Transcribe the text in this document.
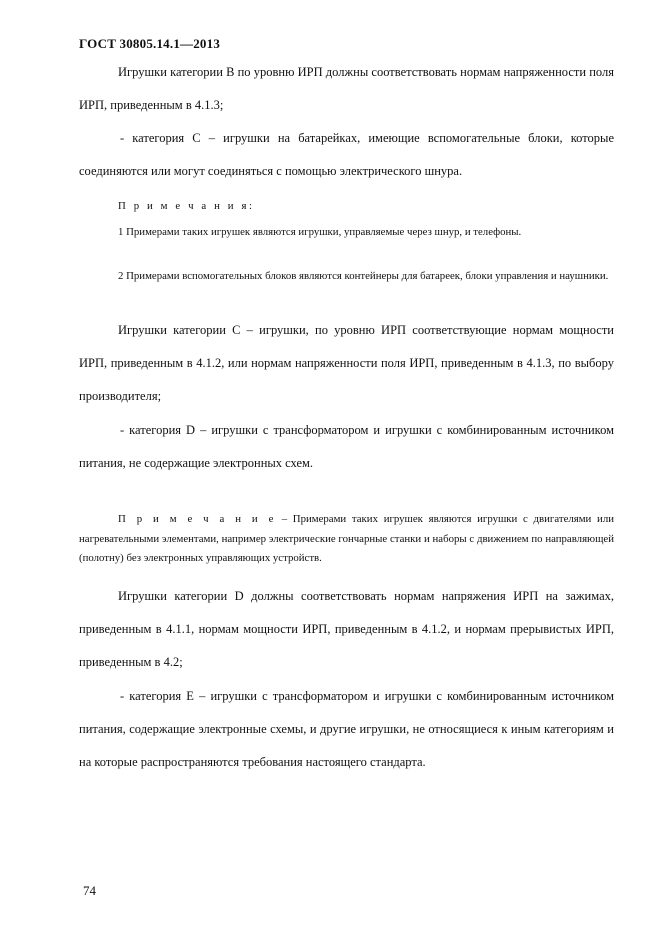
ГОСТ 30805.14.1—2013

Игрушки категории B по уровню ИРП должны соответствовать нормам напряженности поля ИРП, приведенным в 4.1.3;

- категория C – игрушки на батарейках, имеющие вспомогательные блоки, которые соединяются или могут соединяться с помощью электрического шнура.

П р и м е ч а н и я:

1 Примерами таких игрушек являются игрушки, управляемые через шнур, и телефоны.

2 Примерами вспомогательных блоков являются контейнеры для батареек, блоки управления и наушники.

Игрушки категории C – игрушки, по уровню ИРП соответствующие нормам мощности ИРП, приведенным в 4.1.2, или нормам напряженности поля ИРП, приведенным в 4.1.3, по выбору производителя;

- категория D – игрушки с трансформатором и игрушки с комбинированным источником питания, не содержащие электронных схем.

П р и м е ч а н и е – Примерами таких игрушек являются игрушки с двигателями или нагревательными элементами, например электрические гончарные станки и наборы с движением по направляющей (полотну) без электронных управляющих устройств.

Игрушки категории D должны соответствовать нормам напряжения ИРП на зажимах, приведенным в 4.1.1, нормам мощности ИРП, приведенным в 4.1.2, и нормам прерывистых ИРП, приведенным в 4.2;

- категория E – игрушки с трансформатором и игрушки с комбинированным источником питания, содержащие электронные схемы, и другие игрушки, не относящиеся к иным категориям и на которые распространяются требования настоящего стандарта.

74
